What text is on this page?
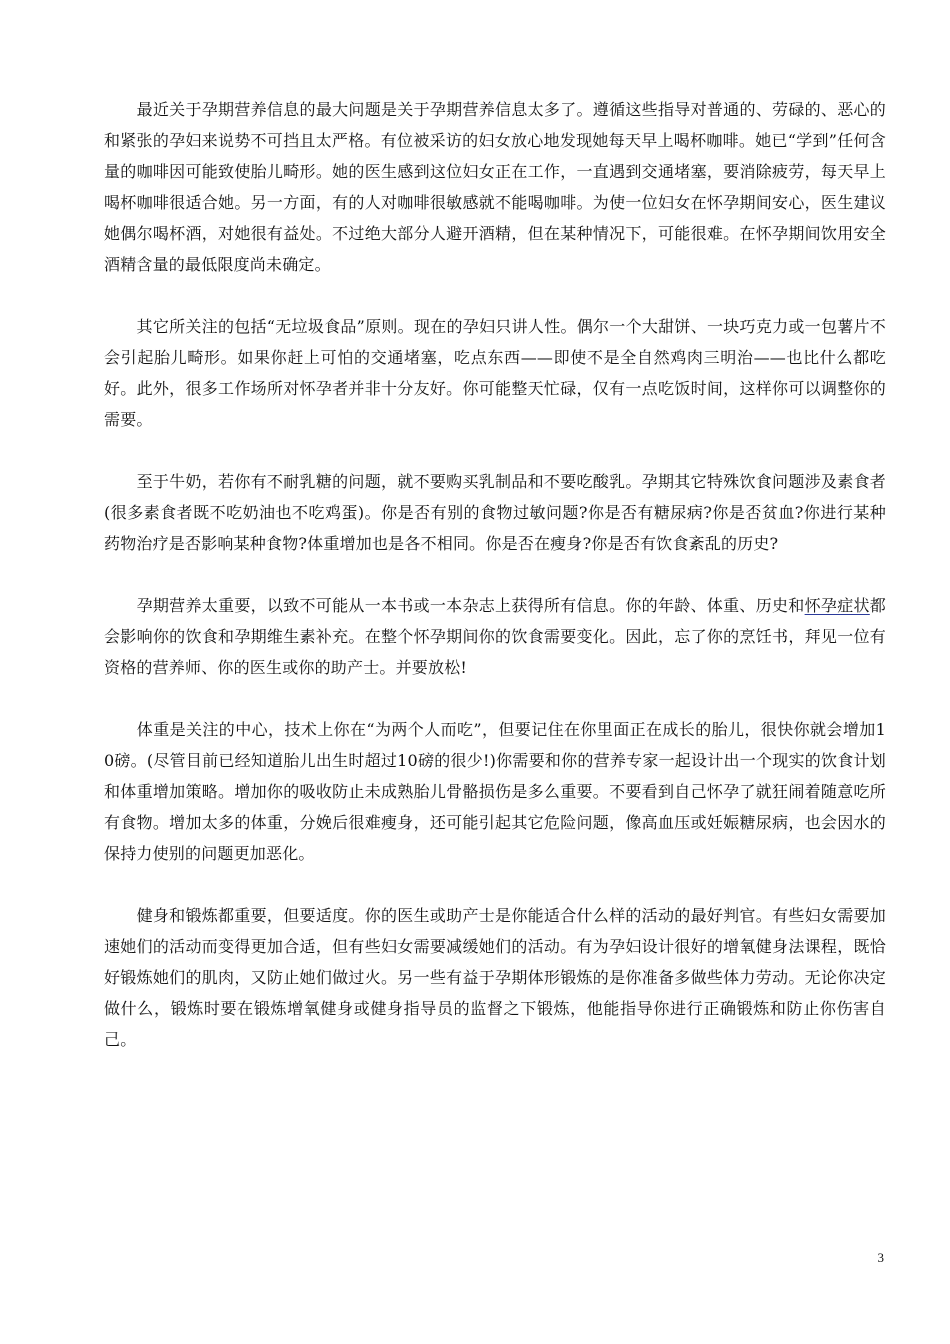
　　最近关于孕期营养信息的最大问题是关于孕期营养信息太多了。遵循这些指导对普通的、劳碌的、恶心的和紧张的孕妇来说势不可挡且太严格。有位被采访的妇女放心地发现她每天早上喝杯咖啡。她已“学到”任何含量的咖啡因可能致使胎儿畸形。她的医生感到这位妇女正在工作，一直遇到交通堵塞，要消除疲劳，每天早上喝杯咖啡很适合她。另一方面，有的人对咖啡很敏感就不能喝咖啡。为使一位妇女在怀孕期间安心，医生建议她偶尔喝杯酒，对她很有益处。不过绝大部分人避开酒精，但在某种情况下，可能很难。在怀孕期间饮用安全酒精含量的最低限度尚未确定。

　　其它所关注的包括“无垃圾食品”原则。现在的孕妇只讲人性。偶尔一个大甜饼、一块巧克力或一包薯片不会引起胎儿畸形。如果你赶上可怕的交通堵塞，吃点东西——即使不是全自然鸡肉三明治——也比什么都吃好。此外，很多工作场所对怀孕者并非十分友好。你可能整天忙碌，仅有一点吃饭时间，这样你可以调整你的需要。

　　至于牛奶，若你有不耐乳糖的问题，就不要购买乳制品和不要吃酸乳。孕期其它特殊饮食问题涉及素食者(很多素食者既不吃奶油也不吃鸡蛋)。你是否有别的食物过敏问题?你是否有糖尿病?你是否贫血?你进行某种药物治疗是否影响某种食物?体重增加也是各不相同。你是否在瘦身?你是否有饮食紊乱的历史?

　　孕期营养太重要，以致不可能从一本书或一本杂志上获得所有信息。你的年龄、体重、历史和怀孕症状都会影响你的饮食和孕期维生素补充。在整个怀孕期间你的饮食需要变化。因此，忘了你的烹饪书，拜见一位有资格的营养师、你的医生或你的助产士。并要放松!

　　体重是关注的中心，技术上你在“为两个人而吃”，但要记住在你里面正在成长的胎儿，很快你就会增加10磅。(尽管目前已经知道胎儿出生时超过10磅的很少!)你需要和你的营养专家一起设计出一个现实的饮食计划和体重增加策略。增加你的吸收防止未成熟胎儿骨骼损伤是多么重要。不要看到自己怀孕了就狂闹着随意吃所有食物。增加太多的体重，分娩后很难瘦身，还可能引起其它危险问题，像高血压或妊娠糖尿病，也会因水的保持力使别的问题更加恶化。

　　健身和锻炼都重要，但要适度。你的医生或助产士是你能适合什么样的活动的最好判官。有些妇女需要加速她们的活动而变得更加合适，但有些妇女需要减缓她们的活动。有为孕妇设计很好的增氧健身法课程，既恰好锻炼她们的肌肉，又防止她们做过火。另一些有益于孕期体形锻炼的是你准备多做些体力劳动。无论你决定做什么，锻炼时要在锻炼增氧健身或健身指导员的监督之下锻炼，他能指导你进行正确锻炼和防止你伤害自己。

3
